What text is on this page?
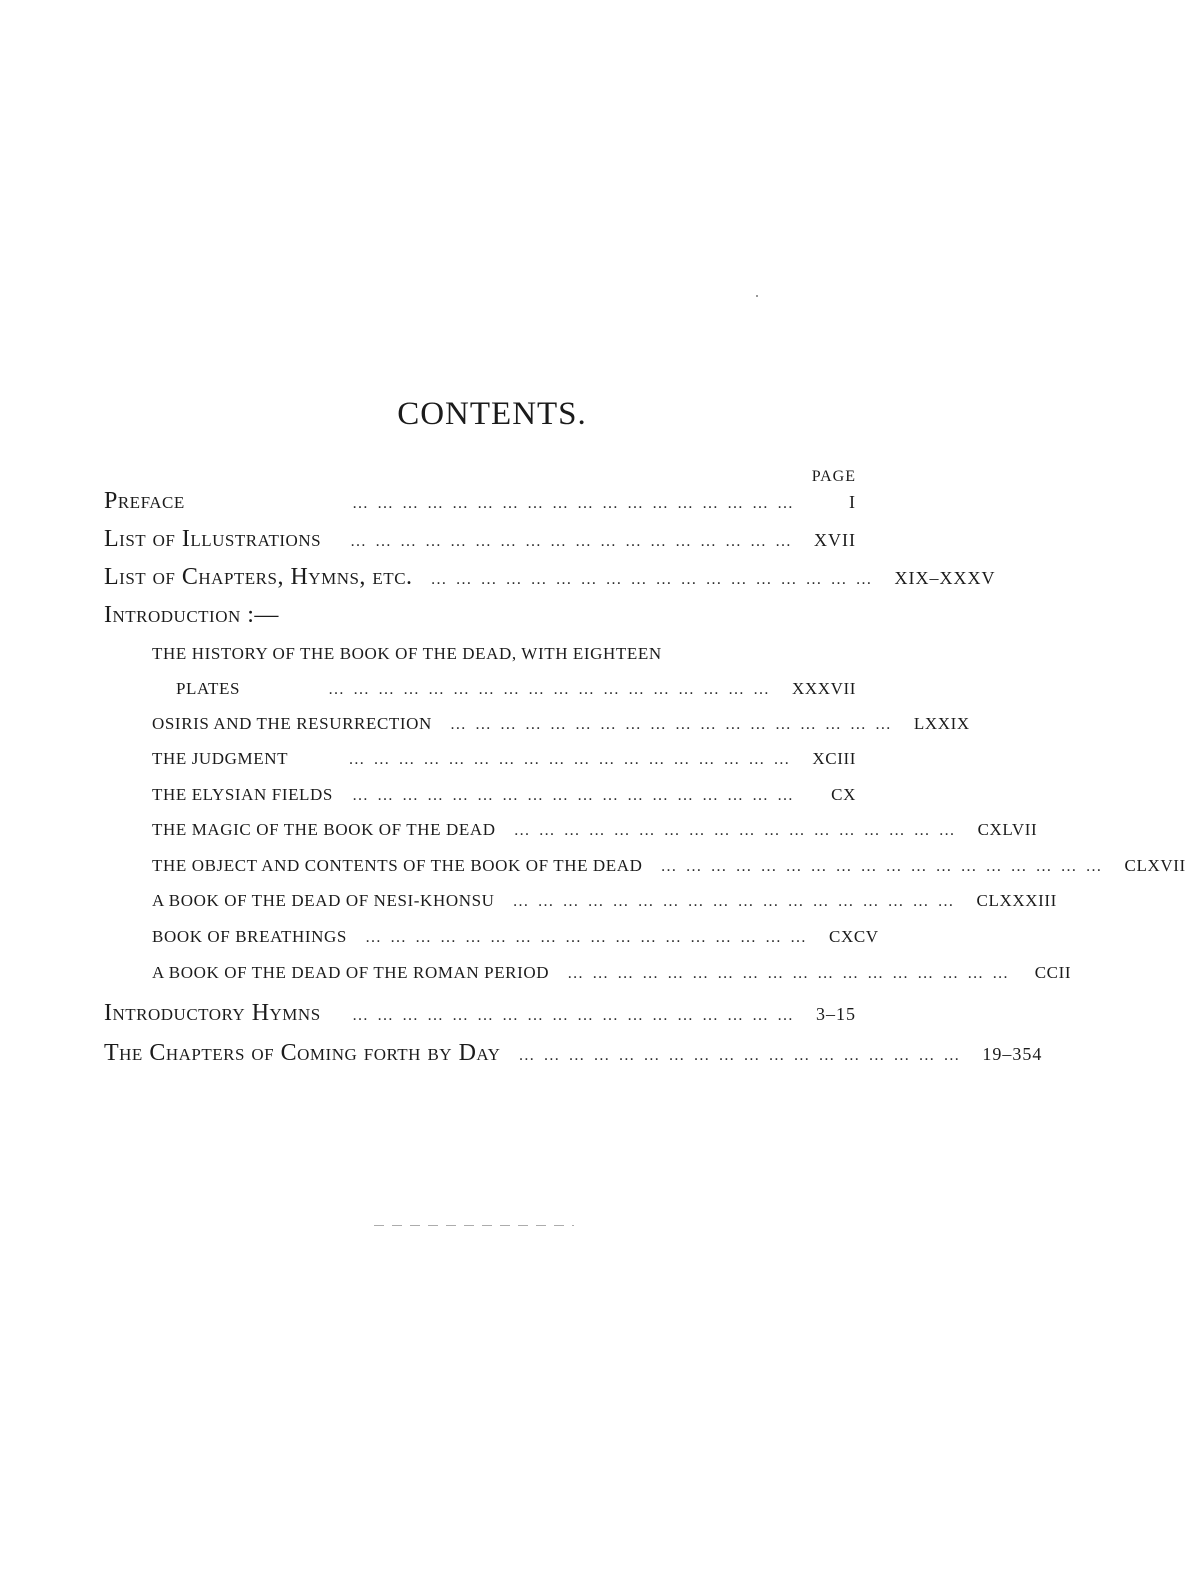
CONTENTS.
PAGE
Preface	………………………………………………	I
List of Illustrations	……………………………………………… XVII
List of Chapters, Hymns, etc.	……………………………………………… XIX–XXXV
Introduction :—
THE HISTORY OF THE BOOK OF THE DEAD, WITH EIGHTEEN
PLATES	……………………………………………… XXXVII
OSIRIS AND THE RESURRECTION	……………………………………………… LXXIX
THE JUDGMENT	……………………………………………… XCIII
THE ELYSIAN FIELDS	………………………………………………	CX
THE MAGIC OF THE BOOK OF THE DEAD	……………………………………………… CXLVII
THE OBJECT AND CONTENTS OF THE BOOK OF THE DEAD	……………………………………………… CLXVII
A BOOK OF THE DEAD OF NESI-KHONSU	……………………………………………… CLXXXIII
BOOK OF BREATHINGS	……………………………………………… CXCV
A BOOK OF THE DEAD OF THE ROMAN PERIOD	………………………………………………	CCII
Introductory Hymns	……………………………………………… 3–15
The Chapters of Coming forth by Day	……………………………………………… 19–354
